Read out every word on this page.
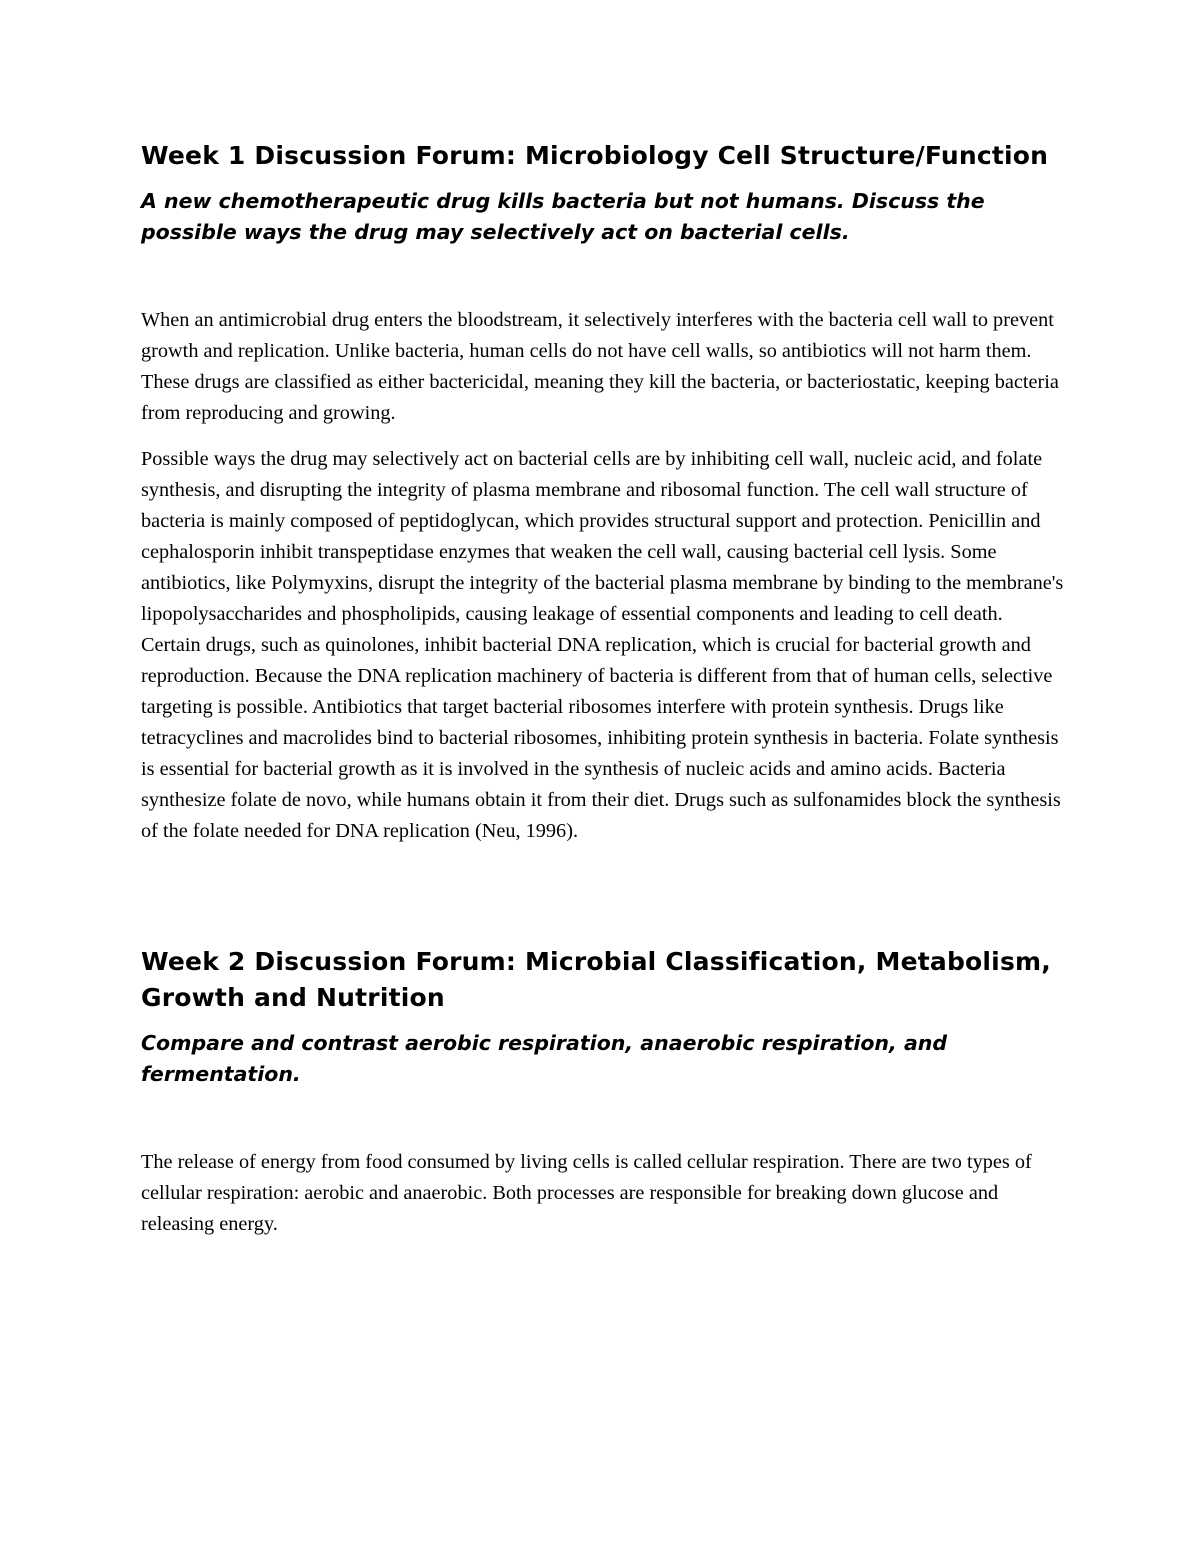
Week 1 Discussion Forum: Microbiology Cell Structure/Function

A new chemotherapeutic drug kills bacteria but not humans. Discuss the possible ways the drug may selectively act on bacterial cells.

When an antimicrobial drug enters the bloodstream, it selectively interferes with the bacteria cell wall to prevent growth and replication. Unlike bacteria, human cells do not have cell walls, so antibiotics will not harm them. These drugs are classified as either bactericidal, meaning they kill the bacteria, or bacteriostatic, keeping bacteria from reproducing and growing.

Possible ways the drug may selectively act on bacterial cells are by inhibiting cell wall, nucleic acid, and folate synthesis, and disrupting the integrity of plasma membrane and ribosomal function. The cell wall structure of bacteria is mainly composed of peptidoglycan, which provides structural support and protection. Penicillin and cephalosporin inhibit transpeptidase enzymes that weaken the cell wall, causing bacterial cell lysis. Some antibiotics, like Polymyxins, disrupt the integrity of the bacterial plasma membrane by binding to the membrane's lipopolysaccharides and phospholipids, causing leakage of essential components and leading to cell death. Certain drugs, such as quinolones, inhibit bacterial DNA replication, which is crucial for bacterial growth and reproduction. Because the DNA replication machinery of bacteria is different from that of human cells, selective targeting is possible. Antibiotics that target bacterial ribosomes interfere with protein synthesis. Drugs like tetracyclines and macrolides bind to bacterial ribosomes, inhibiting protein synthesis in bacteria. Folate synthesis is essential for bacterial growth as it is involved in the synthesis of nucleic acids and amino acids. Bacteria synthesize folate de novo, while humans obtain it from their diet. Drugs such as sulfonamides block the synthesis of the folate needed for DNA replication (Neu, 1996).

Week 2 Discussion Forum: Microbial Classification, Metabolism, Growth and Nutrition

Compare and contrast aerobic respiration, anaerobic respiration, and fermentation.

The release of energy from food consumed by living cells is called cellular respiration. There are two types of cellular respiration: aerobic and anaerobic. Both processes are responsible for breaking down glucose and releasing energy.
